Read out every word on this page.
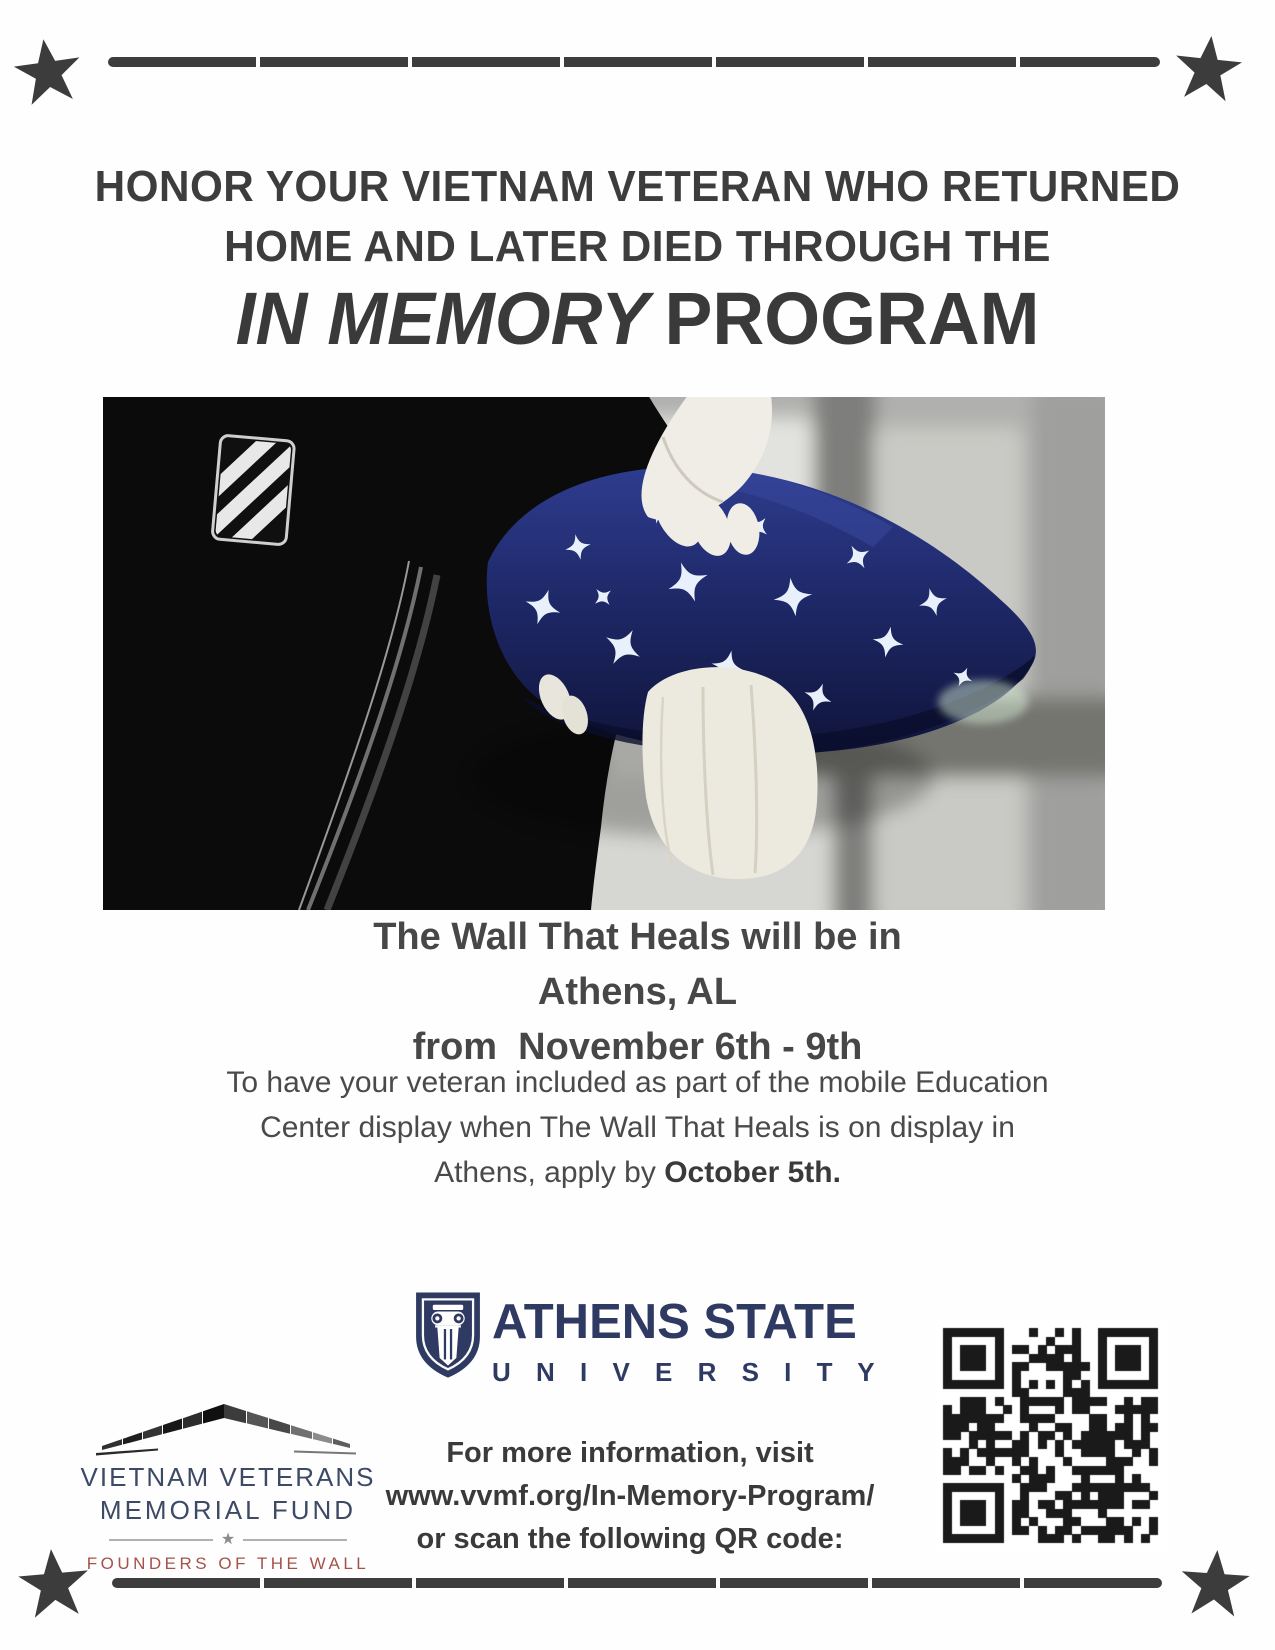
HONOR YOUR VIETNAM VETERAN WHO RETURNED
HOME AND LATER DIED THROUGH THE
IN MEMORY PROGRAM
The Wall That Heals will be in
Athens, AL
from  November 6th - 9th
To have your veteran included as part of the mobile Education
Center display when The Wall That Heals is on display in
Athens, apply by October 5th.
ATHENS STATE
U N I V E R S I T Y
For more information, visit
www.vvmf.org/In-Memory-Program/
or scan the following QR code:
VIETNAM VETERANS
MEMORIAL FUND
★
FOUNDERS OF THE WALL
